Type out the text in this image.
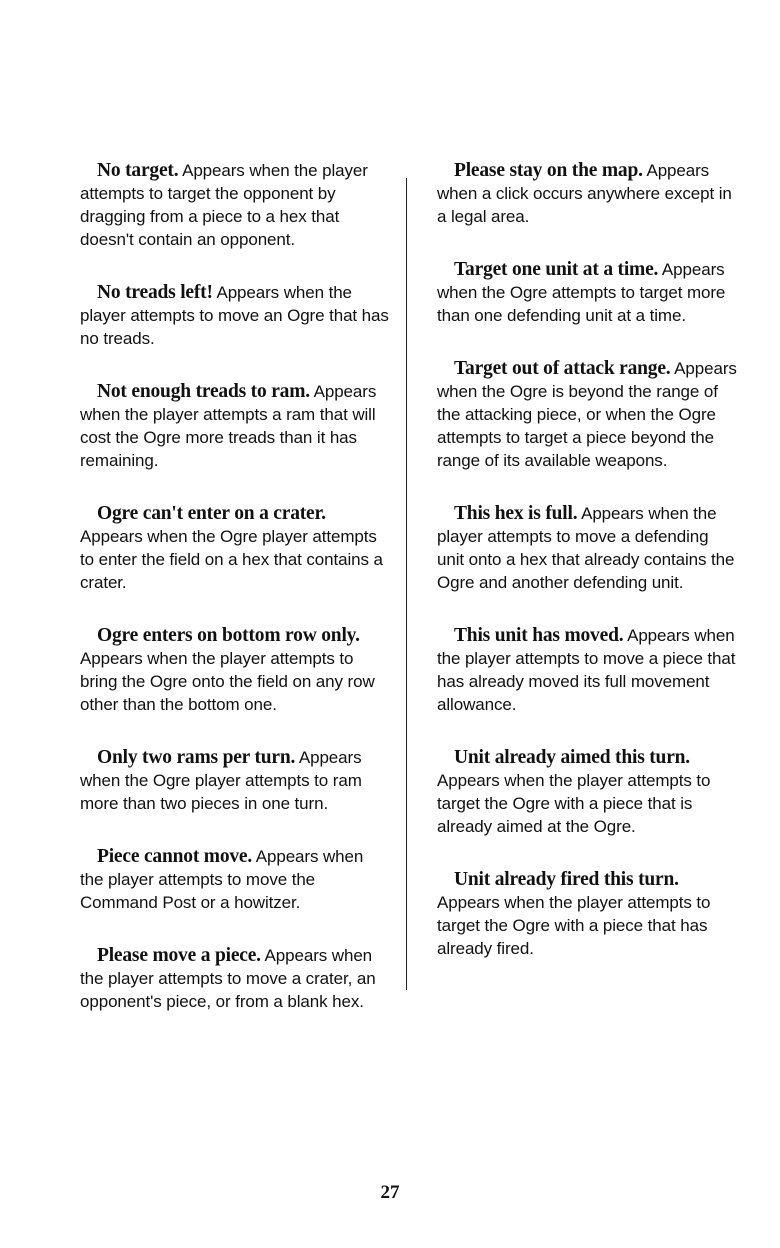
No target. Appears when the player attempts to target the opponent by dragging from a piece to a hex that doesn't contain an opponent.

No treads left! Appears when the player attempts to move an Ogre that has no treads.

Not enough treads to ram. Appears when the player attempts a ram that will cost the Ogre more treads than it has remaining.

Ogre can't enter on a crater. Appears when the Ogre player attempts to enter the field on a hex that contains a crater.

Ogre enters on bottom row only. Appears when the player attempts to bring the Ogre onto the field on any row other than the bottom one.

Only two rams per turn. Appears when the Ogre player attempts to ram more than two pieces in one turn.

Piece cannot move. Appears when the player attempts to move the Command Post or a howitzer.

Please move a piece. Appears when the player attempts to move a crater, an opponent's piece, or from a blank hex.

Please stay on the map. Appears when a click occurs anywhere except in a legal area.

Target one unit at a time. Appears when the Ogre attempts to target more than one defending unit at a time.

Target out of attack range. Appears when the Ogre is beyond the range of the attacking piece, or when the Ogre attempts to target a piece beyond the range of its available weapons.

This hex is full. Appears when the player attempts to move a defending unit onto a hex that already contains the Ogre and another defending unit.

This unit has moved. Appears when the player attempts to move a piece that has already moved its full movement allowance.

Unit already aimed this turn. Appears when the player attempts to target the Ogre with a piece that is already aimed at the Ogre.

Unit already fired this turn. Appears when the player attempts to target the Ogre with a piece that has already fired.

27
